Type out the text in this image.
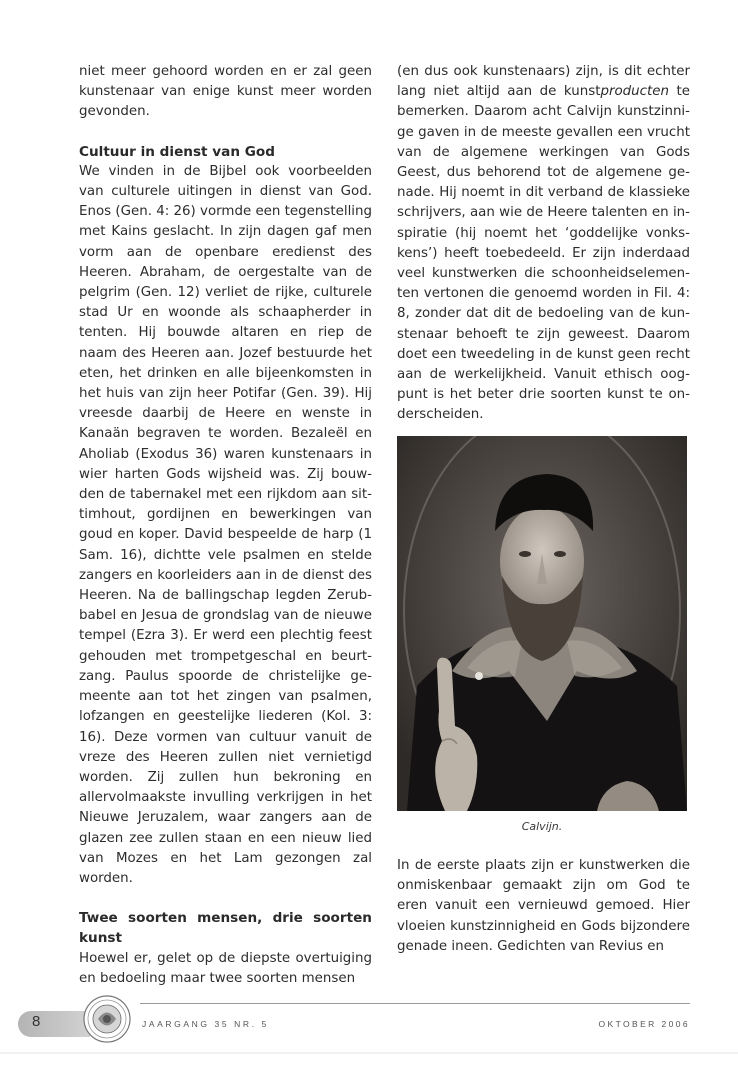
niet meer gehoord worden en er zal geen kunstenaar van enige kunst meer worden gevonden.

Cultuur in dienst van God

We vinden in de Bijbel ook voorbeelden van culturele uitingen in dienst van God. Enos (Gen. 4: 26) vormde een tegenstelling met Kains geslacht. In zijn dagen gaf men vorm aan de openbare eredienst des Heeren. Abraham, de oergestalte van de pelgrim (Gen. 12) verliet de rijke, culturele stad Ur en woonde als schaapherder in tenten. Hij bouwde altaren en riep de naam des Heeren aan. Jozef bestuurde het eten, het drinken en alle bijeenkomsten in het huis van zijn heer Potifar (Gen. 39). Hij vreesde daarbij de Heere en wenste in Kanaän begraven te worden. Bezaleël en Aholiab (Exodus 36) waren kunstenaars in wier harten Gods wijsheid was. Zij bouwden de tabernakel met een rijkdom aan sittimhout, gordijnen en bewerkingen van goud en koper. David bespeelde de harp (1 Sam. 16), dichtte vele psalmen en stelde zangers en koorleiders aan in de dienst des Heeren. Na de ballingschap legden Zerubbabel en Jesua de grondslag van de nieuwe tempel (Ezra 3). Er werd een plechtig feest gehouden met trompetgeschal en beurtzang. Paulus spoorde de christelijke gemeente aan tot het zingen van psalmen, lofzangen en geestelijke liederen (Kol. 3: 16). Deze vormen van cultuur vanuit de vreze des Heeren zullen niet vernietigd worden. Zij zullen hun bekroning en allervolmaakste invulling verkrijgen in het Nieuwe Jeruzalem, waar zangers aan de glazen zee zullen staan en een nieuw lied van Mozes en het Lam gezongen zal worden.

Twee soorten mensen, drie soorten kunst

Hoewel er, gelet op de diepste overtuiging en bedoeling maar twee soorten mensen

(en dus ook kunstenaars) zijn, is dit echter lang niet altijd aan de kunstproducten te bemerken. Daarom acht Calvijn kunstzinnige gaven in de meeste gevallen een vrucht van de algemene werkingen van Gods Geest, dus behorend tot de algemene genade. Hij noemt in dit verband de klassieke schrijvers, aan wie de Heere talenten en inspiratie (hij noemt het ‘goddelijke vonkskens’) heeft toebedeeld. Er zijn inderdaad veel kunstwerken die schoonheidselementen vertonen die genoemd worden in Fil. 4: 8, zonder dat dit de bedoeling van de kunstenaar behoeft te zijn geweest. Daarom doet een tweedeling in de kunst geen recht aan de werkelijkheid. Vanuit ethisch oogpunt is het beter drie soorten kunst te onderscheiden.

Calvijn.

In de eerste plaats zijn er kunstwerken die onmiskenbaar gemaakt zijn om God te eren vanuit een vernieuwd gemoed. Hier vloeien kunstzinnigheid en Gods bijzondere genade ineen. Gedichten van Revius en

8	JAARGANG 35 NR. 5	OKTOBER 2006
